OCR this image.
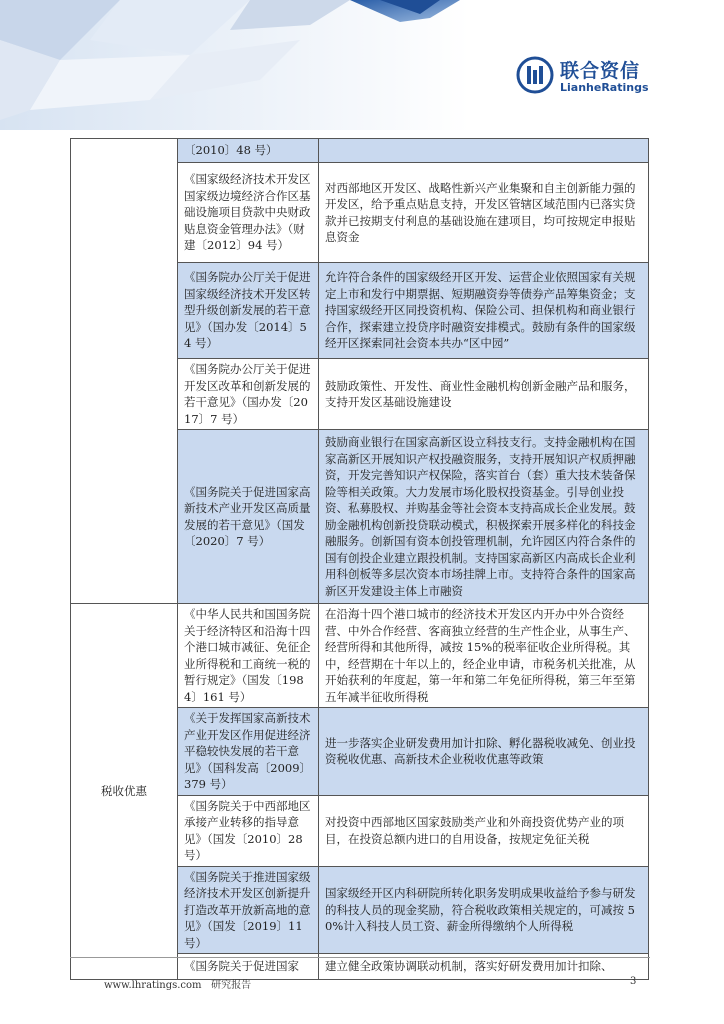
联合资信
LianheRatings
	〔2010〕48 号）	
	《国家级经济技术开发区国家级边境经济合作区基础设施项目贷款中央财政贴息资金管理办法》（财建〔2012〕94 号）	对西部地区开发区、战略性新兴产业集聚和自主创新能力强的开发区，给予重点贴息支持，开发区管辖区域范围内已落实贷款并已按期支付利息的基础设施在建项目，均可按规定申报贴息资金
	《国务院办公厅关于促进国家级经济技术开发区转型升级创新发展的若干意见》（国办发〔2014〕54 号）	允许符合条件的国家级经开区开发、运营企业依照国家有关规定上市和发行中期票据、短期融资券等债券产品筹集资金；支持国家级经开区同投资机构、保险公司、担保机构和商业银行合作，探索建立投贷序时融资安排模式。鼓励有条件的国家级经开区探索同社会资本共办“区中园”
	《国务院办公厅关于促进开发区改革和创新发展的若干意见》（国办发〔2017〕7 号）	鼓励政策性、开发性、商业性金融机构创新金融产品和服务，支持开发区基础设施建设
	《国务院关于促进国家高新技术产业开发区高质量发展的若干意见》（国发〔2020〕7 号）	鼓励商业银行在国家高新区设立科技支行。支持金融机构在国家高新区开展知识产权投融资服务，支持开展知识产权质押融资，开发完善知识产权保险，落实首台（套）重大技术装备保险等相关政策。大力发展市场化股权投资基金。引导创业投资、私募股权、并购基金等社会资本支持高成长企业发展。鼓励金融机构创新投贷联动模式，积极探索开展多样化的科技金融服务。创新国有资本创投管理机制，允许园区内符合条件的国有创投企业建立跟投机制。支持国家高新区内高成长企业利用科创板等多层次资本市场挂牌上市。支持符合条件的国家高新区开发建设主体上市融资
税收优惠	《中华人民共和国国务院关于经济特区和沿海十四个港口城市减征、免征企业所得税和工商统一税的暂行规定》（国发〔1984〕161 号）	在沿海十四个港口城市的经济技术开发区内开办中外合资经营、中外合作经营、客商独立经营的生产性企业，从事生产、经营所得和其他所得，减按 15%的税率征收企业所得税。其中，经营期在十年以上的，经企业申请，市税务机关批准，从开始获利的年度起，第一年和第二年免征所得税，第三年至第五年减半征收所得税
	《关于发挥国家高新技术产业开发区作用促进经济平稳较快发展的若干意见》（国科发高〔2009〕379 号）	进一步落实企业研发费用加计扣除、孵化器税收减免、创业投资税收优惠、高新技术企业税收优惠等政策
	《国务院关于中西部地区承接产业转移的指导意见》（国发〔2010〕28 号）	对投资中西部地区国家鼓励类产业和外商投资优势产业的项目，在投资总额内进口的自用设备，按规定免征关税
	《国务院关于推进国家级经济技术开发区创新提升打造改革开放新高地的意见》（国发〔2019〕11 号）	国家级经开区内科研院所转化职务发明成果收益给予参与研发的科技人员的现金奖励，符合税收政策相关规定的，可减按 50%计入科技人员工资、薪金所得缴纳个人所得税
	《国务院关于促进国家	建立健全政策协调联动机制，落实好研发费用加计扣除、
www.lhratings.com 研究报告	3
